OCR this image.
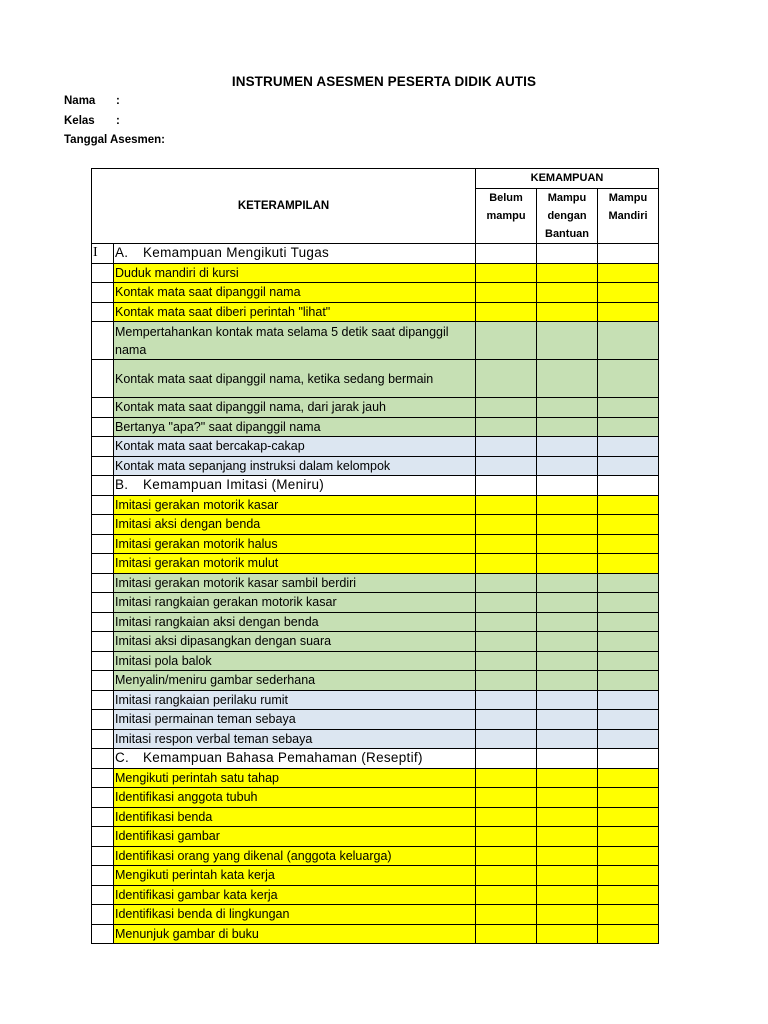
INSTRUMEN ASESMEN PESERTA DIDIK AUTIS
Nama :
Kelas :
Tanggal Asesmen:
KETERAMPILAN		KEMAMPUAN		
		Belum mampu	Mampu dengan Bantuan	Mampu Mandiri
I	A. Kemampuan Mengikuti Tugas			
	Duduk mandiri di kursi			
	Kontak mata saat dipanggil nama			
	Kontak mata saat diberi perintah "lihat"			
	Mempertahankan kontak mata selama 5 detik saat dipanggil nama			
	Kontak mata saat dipanggil nama, ketika sedang bermain			
	Kontak mata saat dipanggil nama, dari jarak jauh			
	Bertanya "apa?" saat dipanggil nama			
	Kontak mata saat bercakap-cakap			
	Kontak mata sepanjang instruksi dalam kelompok			
	B. Kemampuan Imitasi (Meniru)			
	Imitasi gerakan motorik kasar			
	Imitasi aksi dengan benda			
	Imitasi gerakan motorik halus			
	Imitasi gerakan motorik mulut			
	Imitasi gerakan motorik kasar sambil berdiri			
	Imitasi rangkaian gerakan motorik kasar			
	Imitasi rangkaian aksi dengan benda			
	Imitasi aksi dipasangkan dengan suara			
	Imitasi pola balok			
	Menyalin/meniru gambar sederhana			
	Imitasi rangkaian perilaku rumit			
	Imitasi permainan teman sebaya			
	Imitasi respon verbal teman sebaya			
	C. Kemampuan Bahasa Pemahaman (Reseptif)			
	Mengikuti perintah satu tahap			
	Identifikasi anggota tubuh			
	Identifikasi benda			
	Identifikasi gambar			
	Identifikasi orang yang dikenal (anggota keluarga)			
	Mengikuti perintah kata kerja			
	Identifikasi gambar kata kerja			
	Identifikasi benda di lingkungan			
	Menunjuk gambar di buku			
